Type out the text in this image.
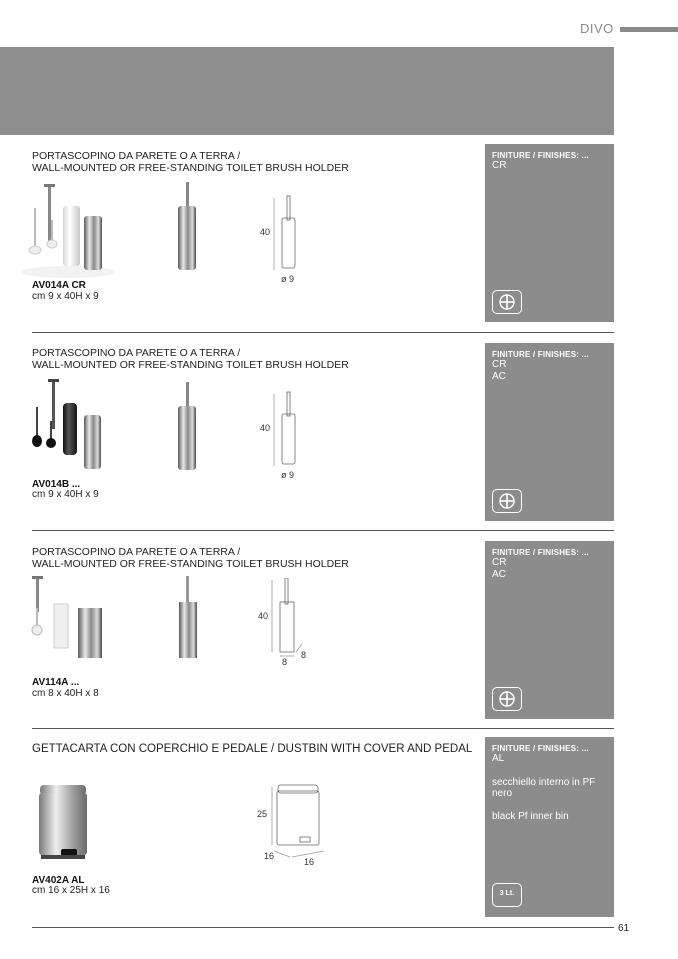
DIVO
PORTASCOPINO DA PARETE O A TERRA /
WALL-MOUNTED OR FREE-STANDING TOILET BRUSH HOLDER
40
ø 9
AV014A CR
cm 9 x 40H x 9
FINITURE / FINISHES: ...
CR
PORTASCOPINO DA PARETE O A TERRA /
WALL-MOUNTED OR FREE-STANDING TOILET BRUSH HOLDER
40
ø 9
AV014B ...
cm 9 x 40H x 9
FINITURE / FINISHES: ...
CR
AC
PORTASCOPINO DA PARETE O A TERRA /
WALL-MOUNTED OR FREE-STANDING TOILET BRUSH HOLDER
40
8
8
AV114A ...
cm 8 x 40H x 8
FINITURE / FINISHES: ...
CR
AC
GETTACARTA CON COPERCHIO E PEDALE / DUSTBIN WITH COVER AND PEDAL
25
16
16
AV402A AL
cm 16 x 25H x 16
FINITURE / FINISHES: ...
AL
secchiello interno in PF nero
black Pf inner bin
3 Lt.
61
